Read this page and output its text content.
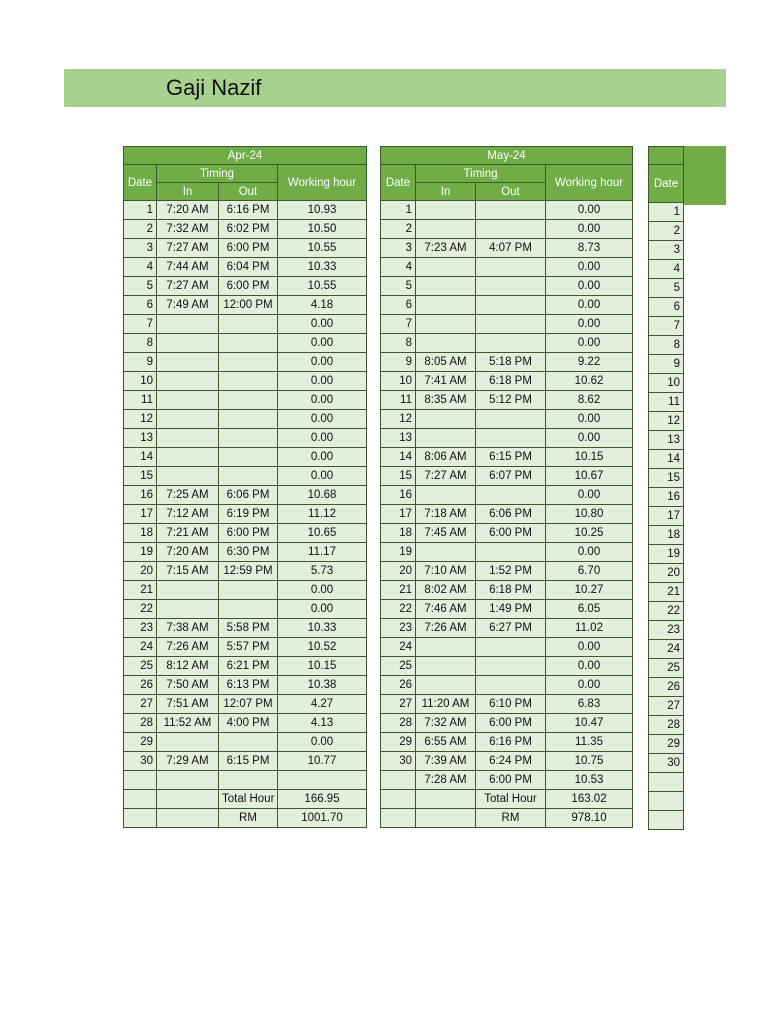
Gaji Nazif
Apr-24			
Date	Timing		Working hour
	In	Out	
1	7:20 AM	6:16 PM	10.93
2	7:32 AM	6:02 PM	10.50
3	7:27 AM	6:00 PM	10.55
4	7:44 AM	6:04 PM	10.33
5	7:27 AM	6:00 PM	10.55
6	7:49 AM	12:00 PM	4.18
7			0.00
8			0.00
9			0.00
10			0.00
11			0.00
12			0.00
13			0.00
14			0.00
15			0.00
16	7:25 AM	6:06 PM	10.68
17	7:12 AM	6:19 PM	11.12
18	7:21 AM	6:00 PM	10.65
19	7:20 AM	6:30 PM	11.17
20	7:15 AM	12:59 PM	5.73
21			0.00
22			0.00
23	7:38 AM	5:58 PM	10.33
24	7:26 AM	5:57 PM	10.52
25	8:12 AM	6:21 PM	10.15
26	7:50 AM	6:13 PM	10.38
27	7:51 AM	12:07 PM	4.27
28	11:52 AM	4:00 PM	4.13
29			0.00
30	7:29 AM	6:15 PM	10.77

		Total Hour	166.95
		RM	1001.70
May-24			
Date	Timing		Working hour
	In	Out	
1			0.00
2			0.00
3	7:23 AM	4:07 PM	8.73
4			0.00
5			0.00
6			0.00
7			0.00
8			0.00
9	8:05 AM	5:18 PM	9.22
10	7:41 AM	6:18 PM	10.62
11	8:35 AM	5:12 PM	8.62
12			0.00
13			0.00
14	8:06 AM	6:15 PM	10.15
15	7:27 AM	6:07 PM	10.67
16			0.00
17	7:18 AM	6:06 PM	10.80
18	7:45 AM	6:00 PM	10.25
19			0.00
20	7:10 AM	1:52 PM	6.70
21	8:02 AM	6:18 PM	10.27
22	7:46 AM	1:49 PM	6.05
23	7:26 AM	6:27 PM	11.02
24			0.00
25			0.00
26			0.00
27	11:20 AM	6:10 PM	6.83
28	7:32 AM	6:00 PM	10.47
29	6:55 AM	6:16 PM	11.35
30	7:39 AM	6:24 PM	10.75
	7:28 AM	6:00 PM	10.53
		Total Hour	163.02
		RM	978.10

Date

1
2
3
4
5
6
7
8
9
10
11
12
13
14
15
16
17
18
19
20
21
22
23
24
25
26
27
28
29
30
